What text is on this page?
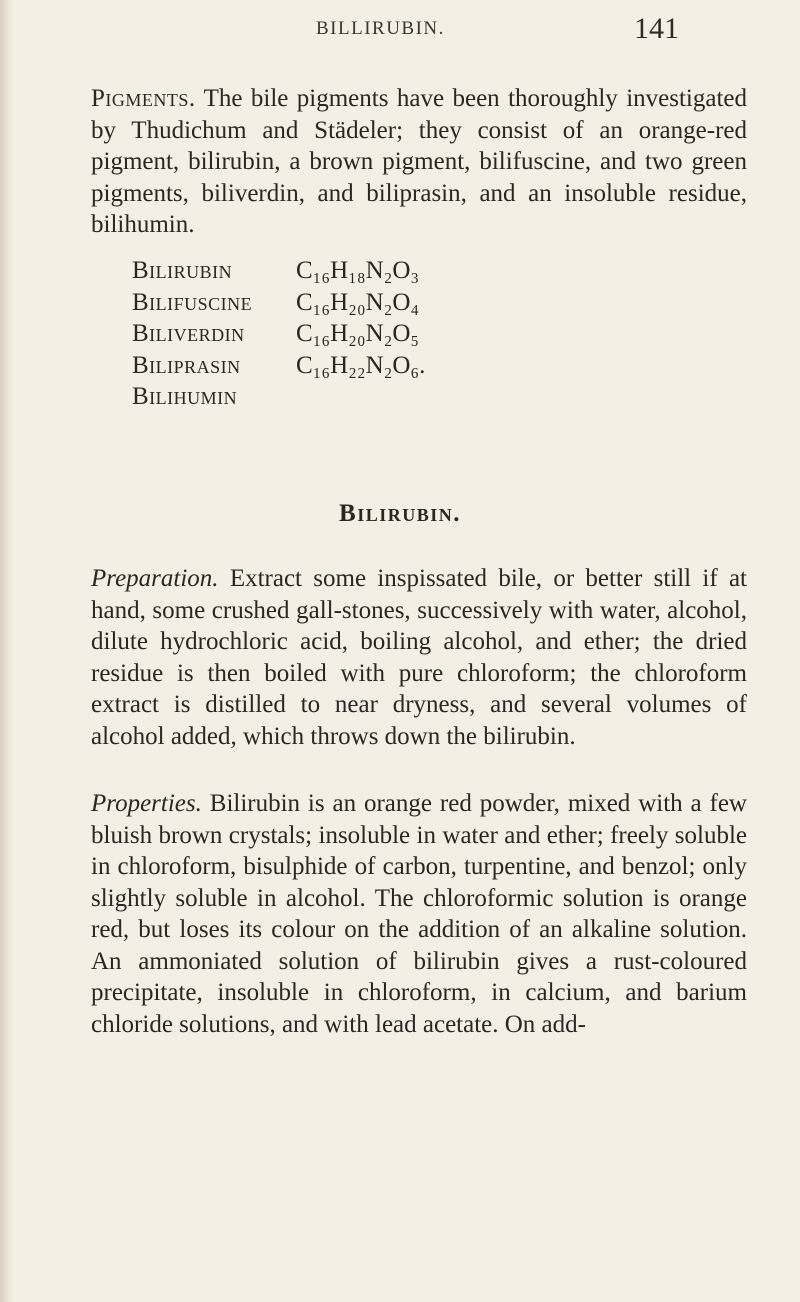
BILLIRUBIN.	141

Pigments. The bile pigments have been thoroughly investigated by Thudichum and Städeler; they consist of an orange-red pigment, bilirubin, a brown pigment, bilifuscine, and two green pigments, biliverdin, and biliprasin, and an insoluble residue, bilihumin.

Bilirubin	C₁₆H₁₈N₂O₃
Bilifuscine C₁₆H₂₀N₂O₄
Biliverdin C₁₆H₂₀N₂O₅
Biliprasin C₁₆H₂₂N₂O₆.
Bilihumin
Bilirubin.

Preparation. Extract some inspissated bile, or better still if at hand, some crushed gall-stones, successively with water, alcohol, dilute hydrochloric acid, boiling alcohol, and ether; the dried residue is then boiled with pure chloroform; the chloroform extract is distilled to near dryness, and several volumes of alcohol added, which throws down the bilirubin.

Properties. Bilirubin is an orange red powder, mixed with a few bluish brown crystals; insoluble in water and ether; freely soluble in chloroform, bisulphide of carbon, turpentine, and benzol; only slightly soluble in alcohol. The chloroformic solution is orange red, but loses its colour on the addition of an alkaline solution. An ammoniated solution of bilirubin gives a rust-coloured precipitate, insoluble in chloroform, in calcium, and barium chloride solutions, and with lead acetate. On add-
